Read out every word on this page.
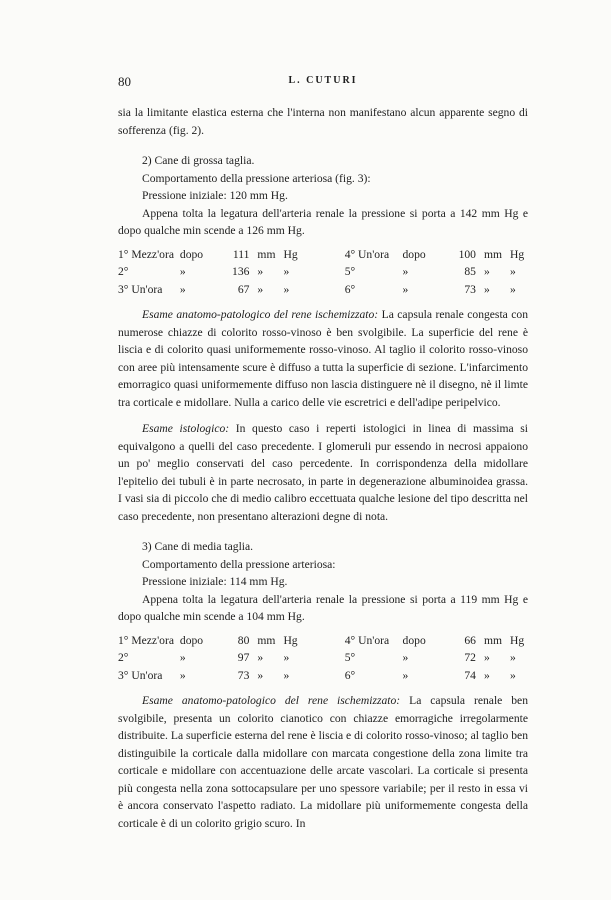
80	L. CUTURI

sia la limitante elastica esterna che l'interna non manifestano alcun apparente segno di sofferenza (fig. 2).

2) Cane di grossa taglia.

Comportamento della pressione arteriosa (fig. 3):

Pressione iniziale: 120 mm Hg.

Appena tolta la legatura dell'arteria renale la pressione si porta a 142 mm Hg e dopo qualche min scende a 126 mm Hg.

1° Mezz'ora	dopo	111	mm	Hg	4° Un'ora	dopo	100	mm	Hg
2°	»	136	»	»	5°	»	85	»	»
3° Un'ora	»	67	»	»	6°	»	73	»	»

Esame anatomo-patologico del rene ischemizzato: La capsula renale congesta con numerose chiazze di colorito rosso-vinoso è ben svolgibile. La superficie del rene è liscia e di colorito quasi uniformemente rosso-vinoso. Al taglio il colorito rosso-vinoso con aree più intensamente scure è diffuso a tutta la superficie di sezione. L'infarcimento emorragico quasi uniformemente diffuso non lascia distinguere nè il disegno, nè il limte tra corticale e midollare. Nulla a carico delle vie escretrici e dell'adipe peripelvico.

Esame istologico: In questo caso i reperti istologici in linea di massima si equivalgono a quelli del caso precedente. I glomeruli pur essendo in necrosi appaiono un po' meglio conservati del caso percedente. In corrispondenza della midollare l'epitelio dei tubuli è in parte necrosato, in parte in degenerazione albuminoidea grassa. I vasi sia di piccolo che di medio calibro eccettuata qualche lesione del tipo descritta nel caso precedente, non presentano alterazioni degne di nota.

3) Cane di media taglia.

Comportamento della pressione arteriosa:

Pressione iniziale: 114 mm Hg.

Appena tolta la legatura dell'arteria renale la pressione si porta a 119 mm Hg e dopo qualche min scende a 104 mm Hg.

1° Mezz'ora	dopo	80	mm	Hg	4° Un'ora	dopo	66	mm	Hg
2°	»	97	»	»	5°	»	72	»	»
3° Un'ora	»	73	»	»	6°	»	74	»	»

Esame anatomo-patologico del rene ischemizzato: La capsula renale ben svolgibile, presenta un colorito cianotico con chiazze emorragiche irregolarmente distribuite. La superficie esterna del rene è liscia e di colorito rosso-vinoso; al taglio ben distinguibile la corticale dalla midollare con marcata congestione della zona limite tra corticale e midollare con accentuazione delle arcate vascolari. La corticale si presenta più congesta nella zona sottocapsulare per uno spessore variabile; per il resto in essa vi è ancora conservato l'aspetto radiato. La midollare più uniformemente congesta della corticale è di un colorito grigio scuro. In
